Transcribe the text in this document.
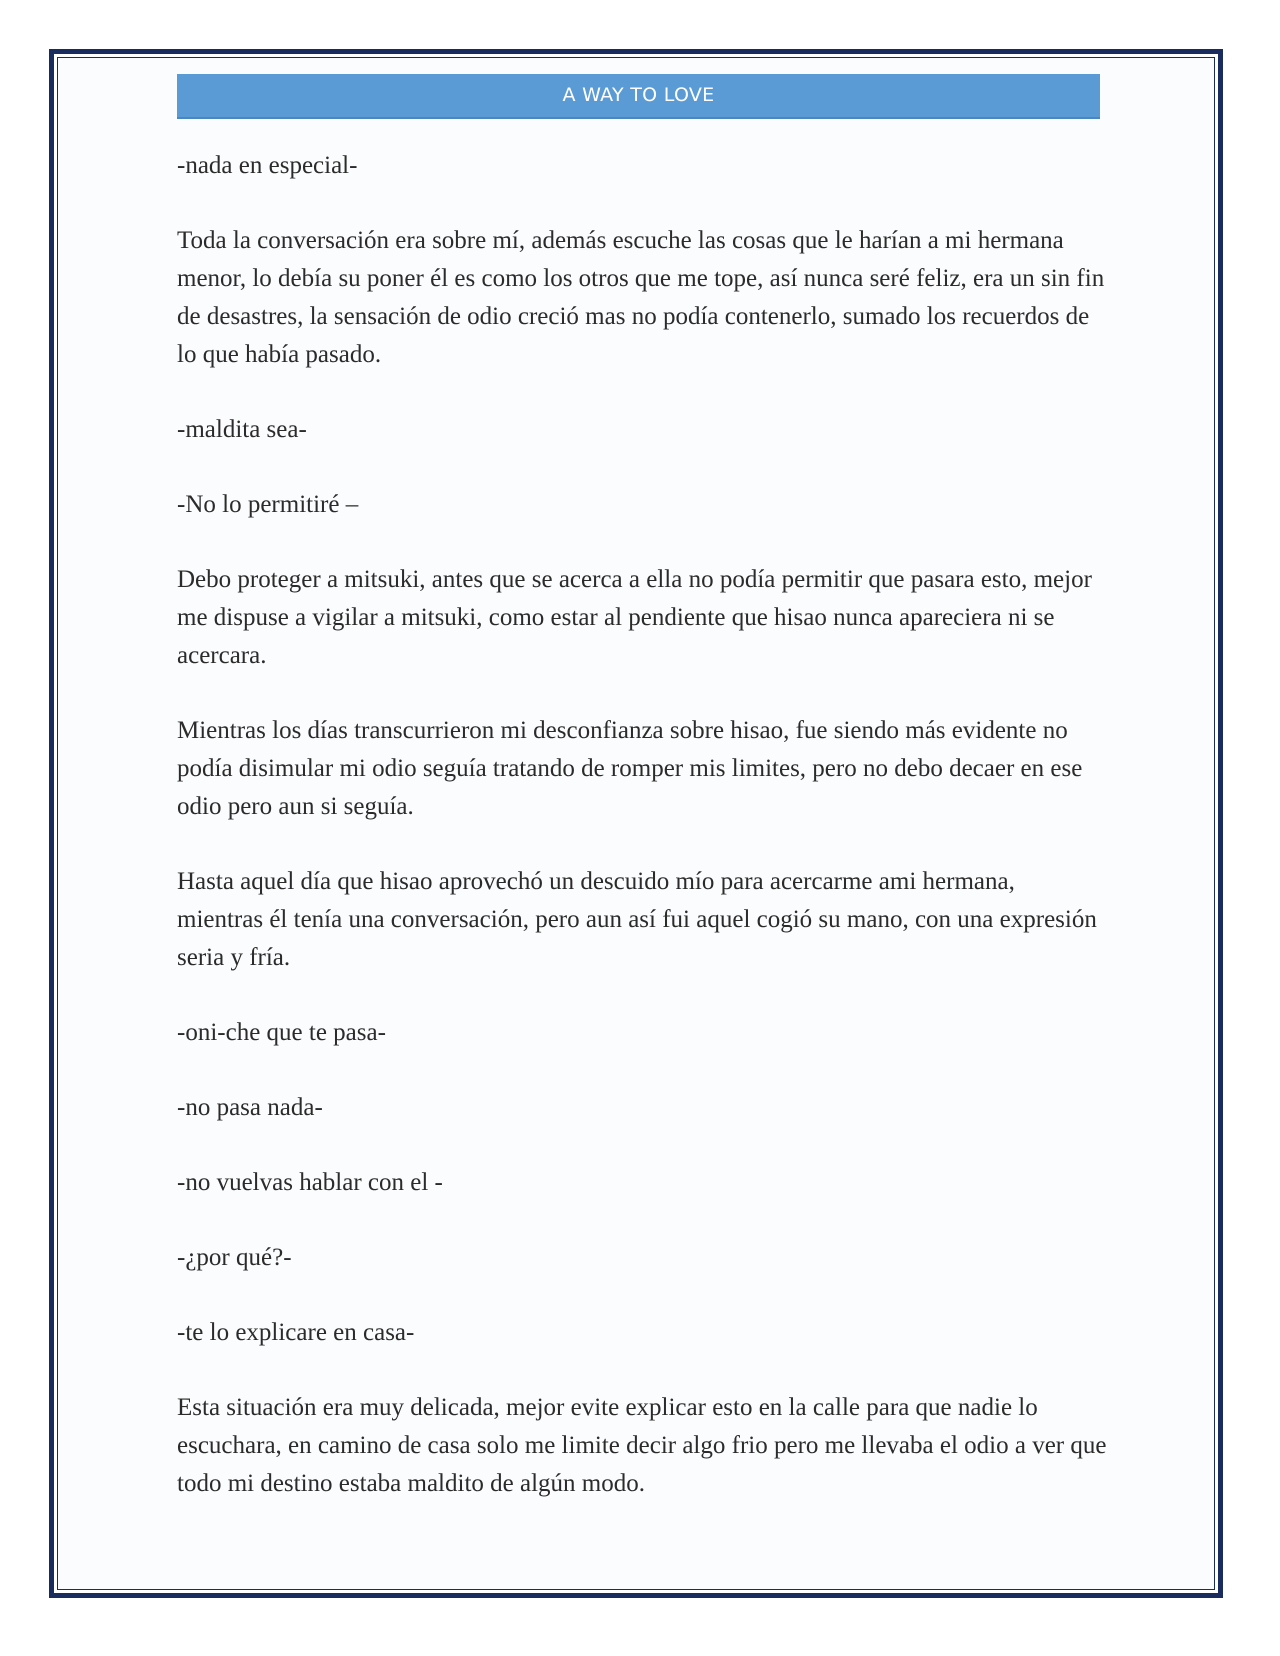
A WAY TO LOVE

-nada en especial-

Toda la conversación era sobre mí, además escuche las cosas que le harían a mi hermana menor, lo debía su poner él es como los otros que me tope, así nunca seré feliz, era un sin fin de desastres, la sensación de odio creció mas no podía contenerlo, sumado los recuerdos de lo que había pasado.

-maldita sea-

-No lo permitiré –

Debo proteger a mitsuki, antes que se acerca a ella no podía permitir que pasara esto, mejor me dispuse a vigilar a mitsuki, como estar al pendiente que hisao nunca apareciera ni se acercara.

Mientras los días transcurrieron mi desconfianza sobre hisao, fue siendo más evidente no podía disimular mi odio seguía tratando de romper mis limites, pero no debo decaer en ese odio pero aun si seguía.

Hasta aquel día que hisao aprovechó un descuido mío para acercarme ami hermana, mientras él tenía una conversación, pero aun así fui aquel cogió su mano, con una expresión seria y fría.

-oni-che que te pasa-

-no pasa nada-

-no vuelvas hablar con el -

-¿por qué?-

-te lo explicare en casa-

Esta situación era muy delicada, mejor evite explicar esto en la calle para que nadie lo escuchara, en camino de casa solo me limite decir algo frio pero me llevaba el odio a ver que todo mi destino estaba maldito de algún modo.
